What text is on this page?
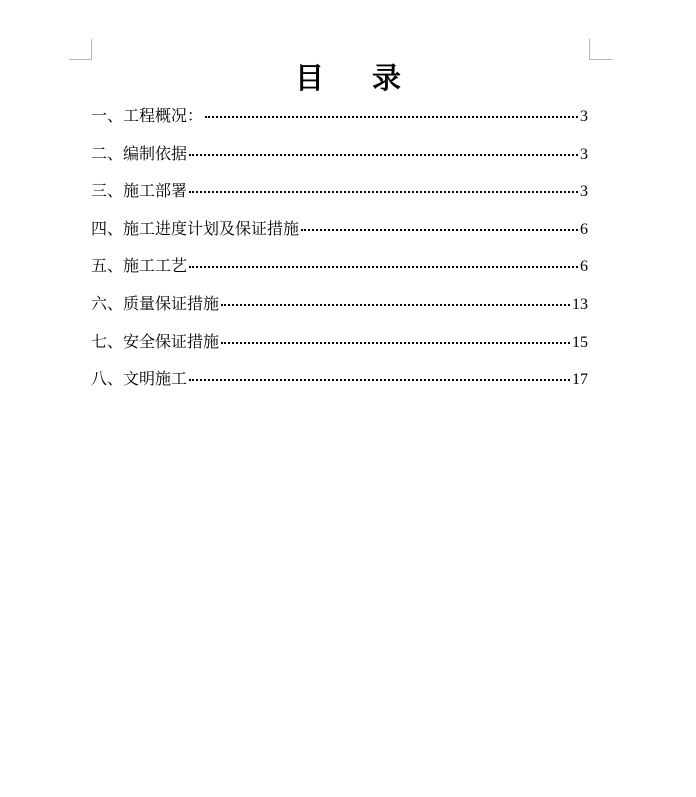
目 录
一、工程概况：	3
二、编制依据	3
三、施工部署	3
四、施工进度计划及保证措施	6
五、施工工艺	6
六、质量保证措施	13
七、安全保证措施	15
八、文明施工	17
